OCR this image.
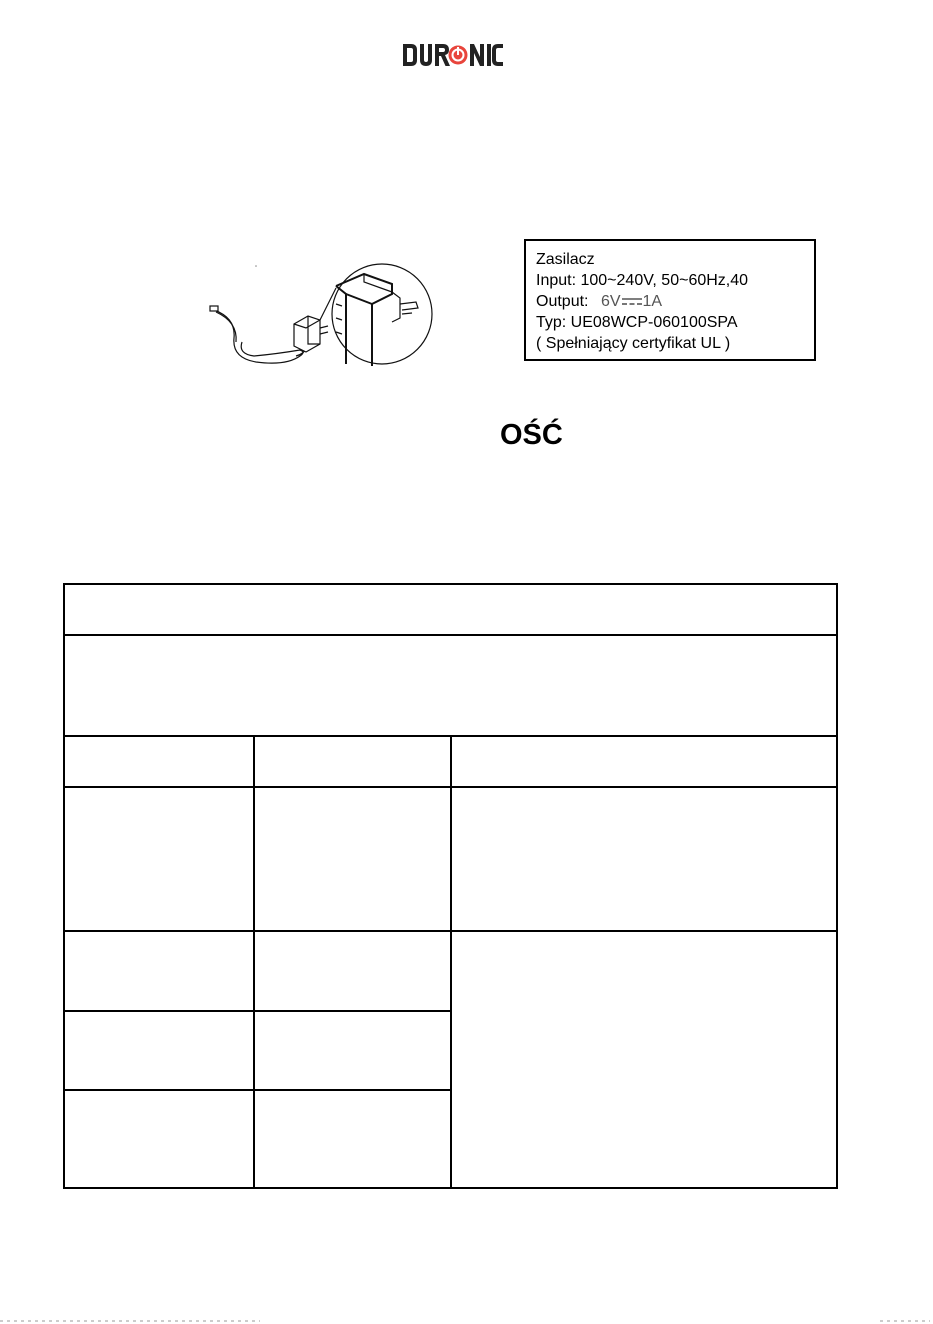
Zasilacz
Input: 100~240V, 50~60Hz,40
Output: 6V 1A
Typ: UE08WCP-060100SPA
( Spełniający certyfikat UL )
OŚĆ
